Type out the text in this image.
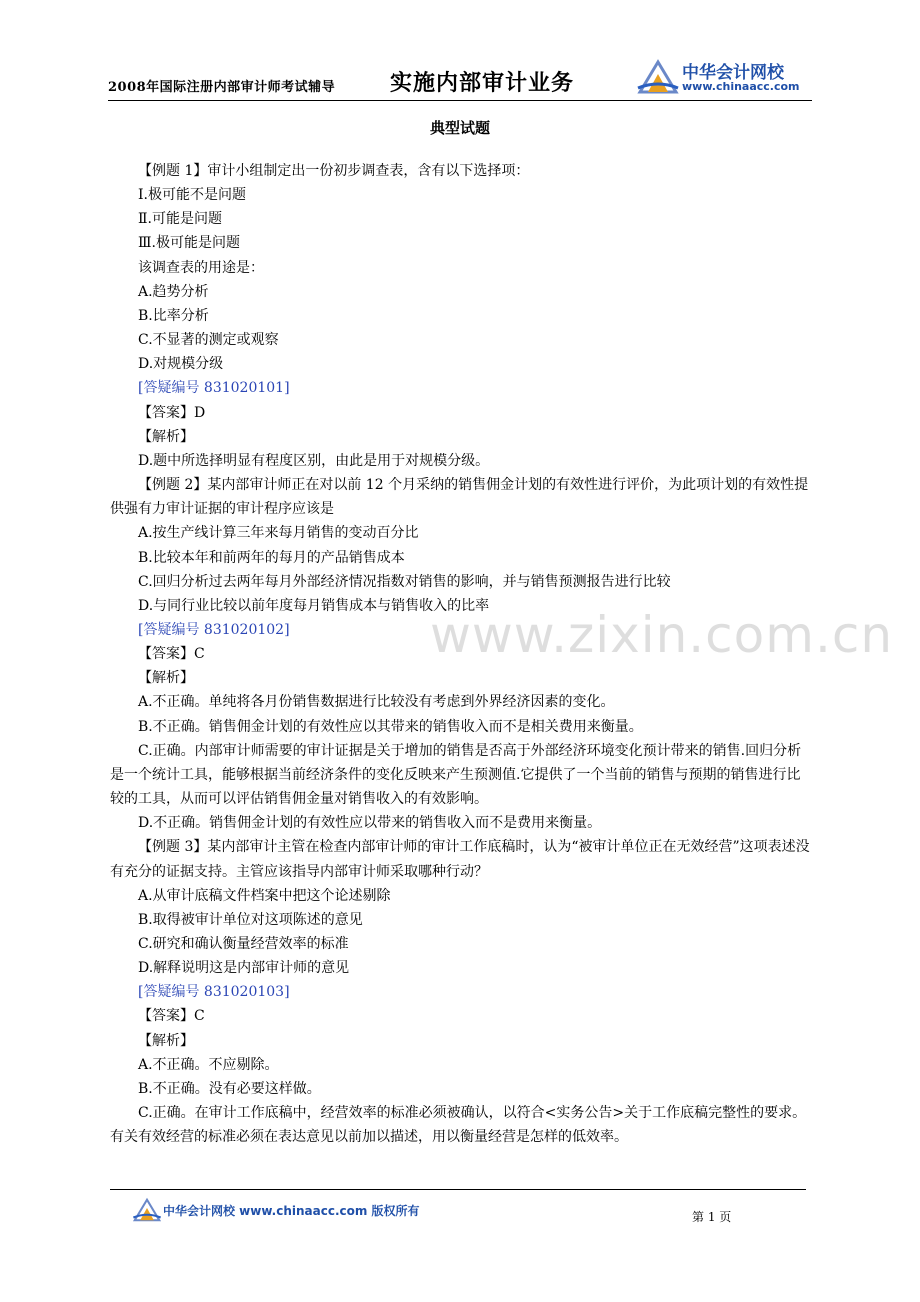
2008年国际注册内部审计师考试辅导 实施内部审计业务	中华会计网校
www.chinaacc.com
典型试题
www.zixin.com.cn

【例题 1】审计小组制定出一份初步调查表，含有以下选择项：

Ⅰ.极可能不是问题

Ⅱ.可能是问题

Ⅲ.极可能是问题

该调查表的用途是：

A.趋势分析

B.比率分析

C.不显著的测定或观察

D.对规模分级

[答疑编号 831020101]

【答案】D

【解析】

D.题中所选择明显有程度区别，由此是用于对规模分级。

【例题 2】某内部审计师正在对以前 12 个月采纳的销售佣金计划的有效性进行评价，为此项计划的有效性提供强有力审计证据的审计程序应该是

A.按生产线计算三年来每月销售的变动百分比

B.比较本年和前两年的每月的产品销售成本

C.回归分析过去两年每月外部经济情况指数对销售的影响，并与销售预测报告进行比较

D.与同行业比较以前年度每月销售成本与销售收入的比率

[答疑编号 831020102]

【答案】C

【解析】

A.不正确。单纯将各月份销售数据进行比较没有考虑到外界经济因素的变化。

B.不正确。销售佣金计划的有效性应以其带来的销售收入而不是相关费用来衡量。

C.正确。内部审计师需要的审计证据是关于增加的销售是否高于外部经济环境变化预计带来的销售.回归分析是一个统计工具，能够根据当前经济条件的变化反映来产生预测值.它提供了一个当前的销售与预期的销售进行比较的工具，从而可以评估销售佣金量对销售收入的有效影响。

D.不正确。销售佣金计划的有效性应以带来的销售收入而不是费用来衡量。

【例题 3】某内部审计主管在检查内部审计师的审计工作底稿时，认为“被审计单位正在无效经营”这项表述没有充分的证据支持。主管应该指导内部审计师采取哪种行动？

A.从审计底稿文件档案中把这个论述剔除

B.取得被审计单位对这项陈述的意见

C.研究和确认衡量经营效率的标准

D.解释说明这是内部审计师的意见

[答疑编号 831020103]

【答案】C

【解析】

A.不正确。不应剔除。

B.不正确。没有必要这样做。

C.正确。在审计工作底稿中，经营效率的标准必须被确认，以符合<实务公告>关于工作底稿完整性的要求。有关有效经营的标准必须在表达意见以前加以描述，用以衡量经营是怎样的低效率。

中华会计网校 www.chinaacc.com 版权所有	第 1 页
